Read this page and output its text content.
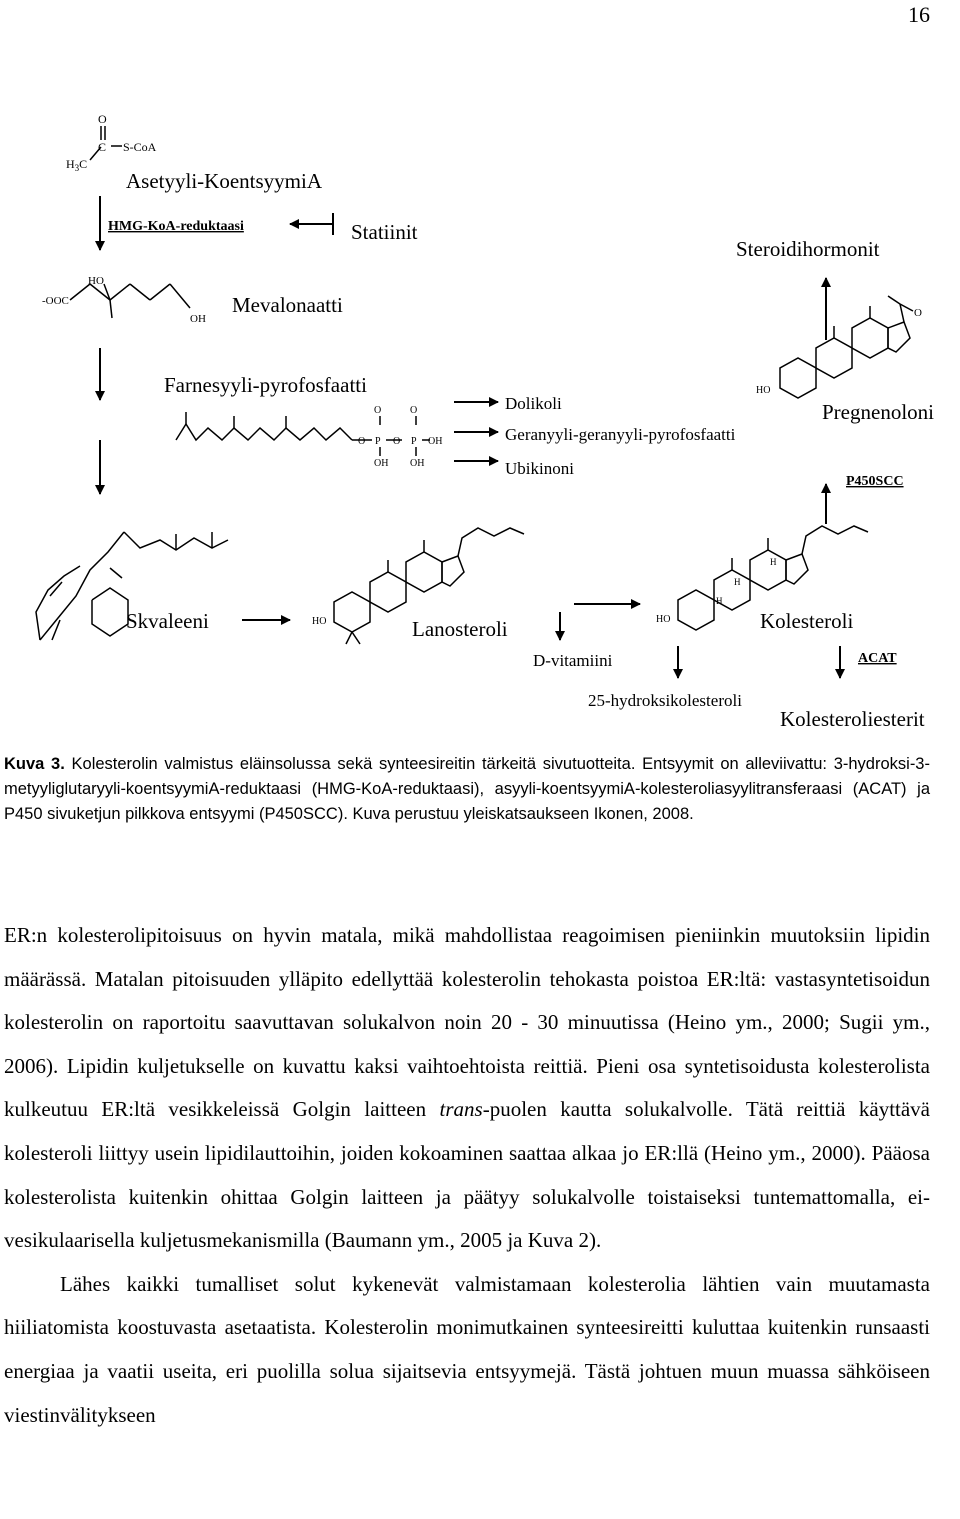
16
O
C S-CoA
$H_3C$
Asetyyli-KoentsyymiA
HMG-KoA-reduktaasi	Statiinit
HO
-OOC
OH
Mevalonaatti
Farnesyyli-pyrofosfaatti
O	O
O P O P OH
OH OH
Dolikoli
Geranyyli-geranyyli-pyrofosfaatti
Ubikinoni
Steroidihormonit
O
HO
Pregnenoloni
P450SCC
Skvaleeni	HO	Lanosteroli
D-vitamiini
HO
H
H
H
Kolesteroli
25-hydroksikolesteroli
ACAT
Kolesteroliesterit
Kuva 3. Kolesterolin valmistus eläinsolussa sekä synteesireitin tärkeitä sivutuotteita. Entsyymit on alleviivattu: 3-hydroksi-3-metyyliglutaryyli-koentsyymiA-reduktaasi (HMG-KoA-reduktaasi), asyyli-koentsyymiA-kolesteroliasyylitransferaasi (ACAT) ja P450 sivuketjun pilkkova entsyymi (P450SCC). Kuva perustuu yleiskatsaukseen Ikonen, 2008.

ER:n kolesterolipitoisuus on hyvin matala, mikä mahdollistaa reagoimisen pieniinkin muutoksiin lipidin määrässä. Matalan pitoisuuden ylläpito edellyttää kolesterolin tehokasta poistoa ER:ltä: vastasyntetisoidun kolesterolin on raportoitu saavuttavan solukalvon noin 20 - 30 minuutissa (Heino ym., 2000; Sugii ym., 2006). Lipidin kuljetukselle on kuvattu kaksi vaihtoehtoista reittiä. Pieni osa syntetisoidusta kolesterolista kulkeutuu ER:ltä vesikkeleissä Golgin laitteen trans-puolen kautta solukalvolle. Tätä reittiä käyttävä kolesteroli liittyy usein lipidilauttoihin, joiden kokoaminen saattaa alkaa jo ER:llä (Heino ym., 2000). Pääosa kolesterolista kuitenkin ohittaa Golgin laitteen ja päätyy solukalvolle toistaiseksi tuntemattomalla, ei-vesikulaarisella kuljetusmekanismilla (Baumann ym., 2005 ja Kuva 2).

Lähes kaikki tumalliset solut kykenevät valmistamaan kolesterolia lähtien vain muutamasta hiiliatomista koostuvasta asetaatista. Kolesterolin monimutkainen synteesireitti kuluttaa kuitenkin runsaasti energiaa ja vaatii useita, eri puolilla solua sijaitsevia entsyymejä. Tästä johtuen muun muassa sähköiseen viestinvälitykseen
